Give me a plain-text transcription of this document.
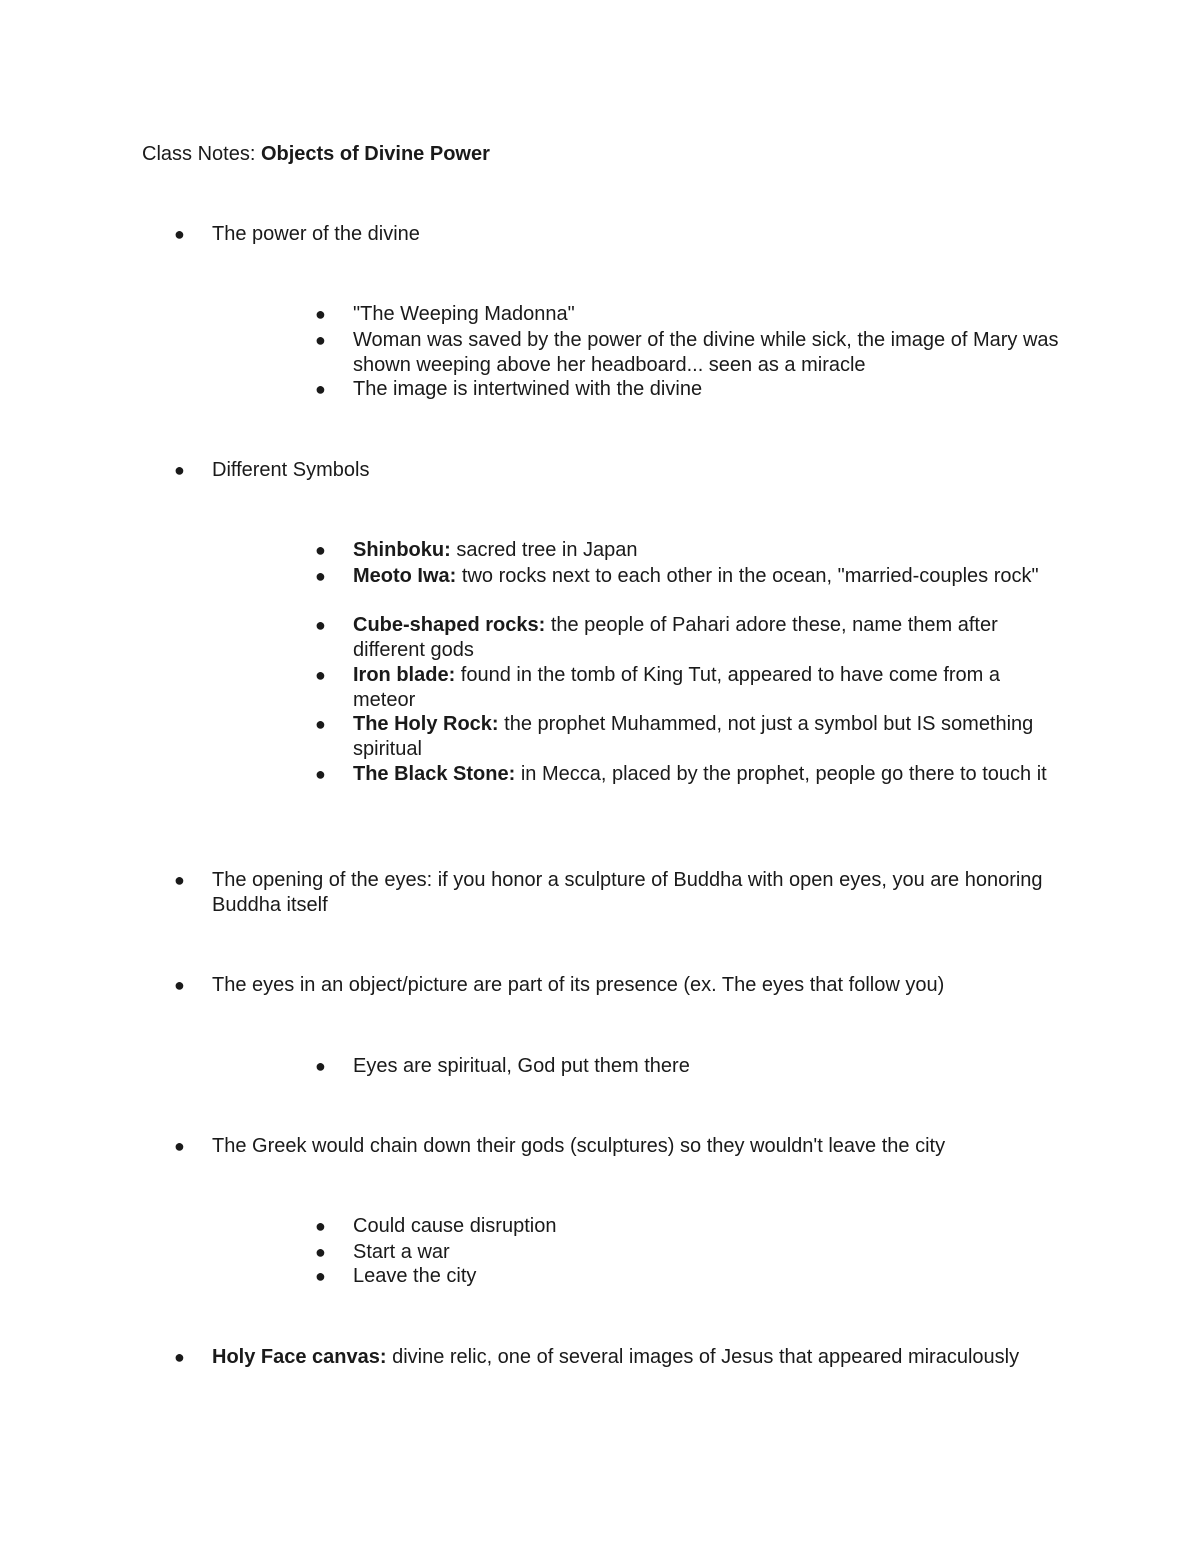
Class Notes: Objects of Divine Power
●	The power of the divine
●	"The Weeping Madonna"
●	Woman was saved by the power of the divine while sick, the image of Mary was shown weeping above her headboard... seen as a miracle
●	The image is intertwined with the divine
●	Different Symbols
●	Shinboku: sacred tree in Japan
●	Meoto Iwa: two rocks next to each other in the ocean, "married-couples rock"
●	Cube-shaped rocks: the people of Pahari adore these, name them after different gods
●	Iron blade: found in the tomb of King Tut, appeared to have come from a meteor
●	The Holy Rock: the prophet Muhammed, not just a symbol but IS something spiritual
●	The Black Stone: in Mecca, placed by the prophet, people go there to touch it
●	The opening of the eyes: if you honor a sculpture of Buddha with open eyes, you are honoring Buddha itself
●	The eyes in an object/picture are part of its presence (ex. The eyes that follow you)
●	Eyes are spiritual, God put them there
●	The Greek would chain down their gods (sculptures) so they wouldn't leave the city
●	Could cause disruption
●	Start a war
●	Leave the city
●	Holy Face canvas: divine relic, one of several images of Jesus that appeared miraculously
